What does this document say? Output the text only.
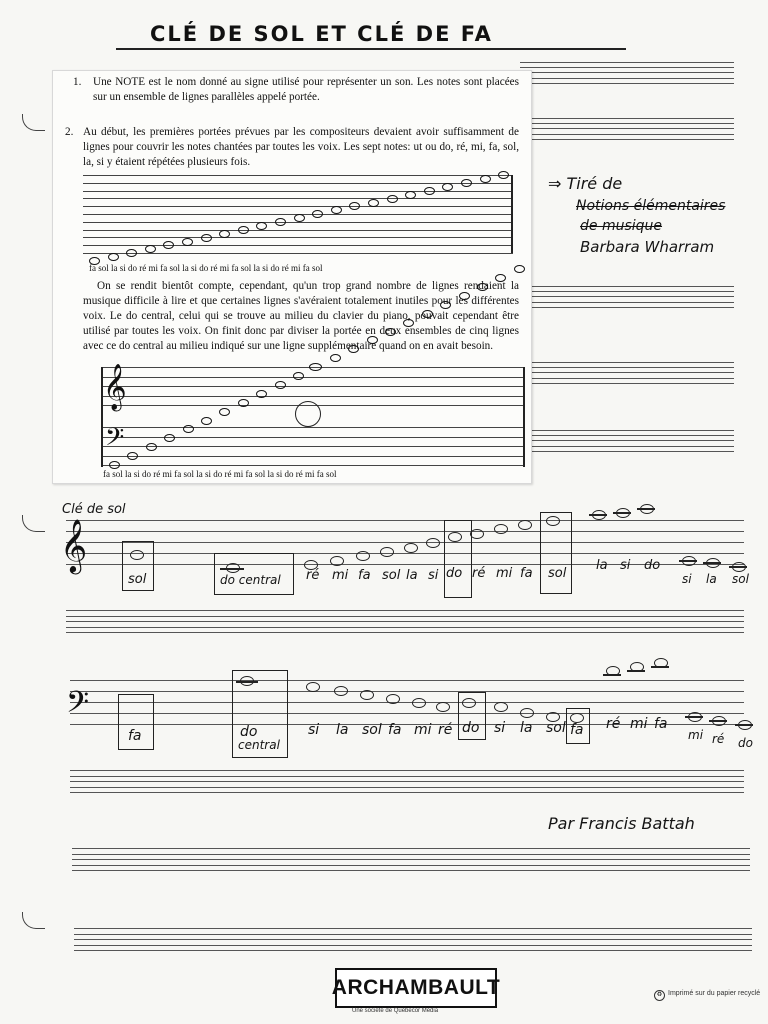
CLÉ DE SOL ET CLÉ DE FA
1. Une NOTE est le nom donné au signe utilisé pour représenter un son. Les notes sont placées sur un ensemble de lignes parallèles appelé portée.
2. Au début, les premières portées prévues par les compositeurs devaient avoir suffisamment de lignes pour couvrir les notes chantées par toutes les voix. Les sept notes: ut ou do, ré, mi, fa, sol, la, si y étaient répétées plusieurs fois.
fa sol la si do ré mi fa sol la si do ré mi fa sol la si do ré mi fa sol
On se rendit bientôt compte, cependant, qu'un trop grand nombre de lignes rendaient la musique difficile à lire et que certaines lignes s'avéraient totalement inutiles pour les différentes voix. Le do central, celui qui se trouve au milieu du clavier du piano, pouvait cependant être utilisé par toutes les voix. On finit donc par diviser la portée en deux ensembles de cinq lignes avec ce do central au milieu indiqué sur une ligne supplémentaire quand on en avait besoin.
𝄞
𝄢
fa sol la si do ré mi fa sol la si do ré mi fa sol la si do ré mi fa sol
⇒ Tiré de
Notions élémentaires
de musique
Barbara Wharram
Clé de sol
𝄞
sol	do central ré mi fa sol la si do ré mi fa sol
la si do
si la sol
𝄢
fa	do
central
si la sol fa mi ré do si la sol fa ré mi fa
mi ré do
Par Francis Battah
ARCHAMBAULT
Une société de Québecor Média
♻ Imprimé sur du papier recyclé
